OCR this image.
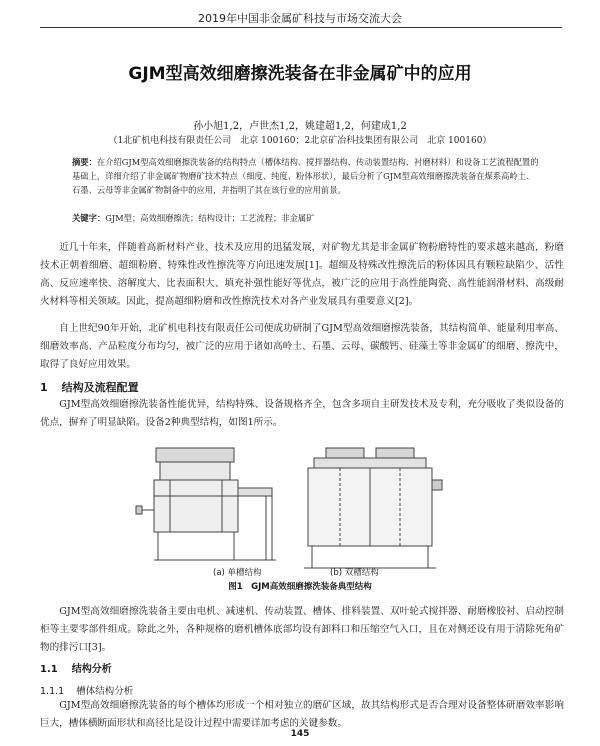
2019年中国非金属矿科技与市场交流大会
GJM型高效细磨擦洗装备在非金属矿中的应用
孙小旭1,2，卢世杰1,2，姚建超1,2，何建成1,2
（1北矿机电科技有限责任公司　北京 100160；2北京矿冶科技集团有限公司　北京 100160）
摘要：在介绍GJM型高效细磨擦洗装备的结构特点（槽体结构、搅拌器结构、传动装置结构、衬磨材料）和设备工艺流程配置的基础上，详细介绍了非金属矿物磨矿技术特点（细度、纯度、粉体形状），最后分析了GJM型高效细磨擦洗装备在煤系高岭土、石墨、云母等非金属矿物制备中的应用，并指明了其在该行业的应用前景。
关键字：GJM型；高效细磨擦洗；结构设计；工艺流程；非金属矿
近几十年来，伴随着高新材料产业、技术及应用的迅猛发展，对矿物尤其是非金属矿物粉磨特性的要求越来越高，粉磨技术正朝着细磨、超细粉磨、特殊性改性擦洗等方向迅速发展[1]。超细及特殊改性擦洗后的粉体因具有颗粒缺陷少、活性高、反应速率快、溶解度大、比表面积大、填充补强性能好等优点，被广泛的应用于高性能陶瓷、高性能润滑材料、高级耐火材料等相关领域。因此，提高超细粉磨和改性擦洗技术对各产业发展具有重要意义[2]。
自上世纪90年开始，北矿机电科技有限责任公司便成功研制了GJM型高效细磨擦洗装备，其结构简单、能量利用率高、细磨效率高、产品粒度分布均匀，被广泛的应用于诸如高岭土、石墨、云母、碳酸钙、硅藻土等非金属矿的细磨、擦洗中，取得了良好应用效果。
1 结构及流程配置
GJM型高效细磨擦洗装备性能优异，结构特殊、设备规格齐全，包含多项自主研发技术及专利，充分吸收了类似设备的优点，摒弃了明显缺陷。设备2种典型结构，如图1所示。
(a) 单槽结构	(b) 双槽结构
图1　GJM高效细磨擦洗装备典型结构
GJM型高效细磨擦洗装备主要由电机、减速机、传动装置、槽体、排料装置、双叶轮式搅拌器、耐磨橡胶衬、启动控制柜等主要零部件组成。除此之外，各种规格的磨机槽体底部均设有卸料口和压缩空气入口，且在对侧还设有用于清除死角矿物的排污口[3]。
1.1 结构分析
1.1.1 槽体结构分析
GJM型高效细磨擦洗装备的每个槽体均形成一个相对独立的磨矿区域，故其结构形式是否合理对设备整体研磨效率影响巨大，槽体横断面形状和高径比是设计过程中需要详加考虑的关键参数。
145
